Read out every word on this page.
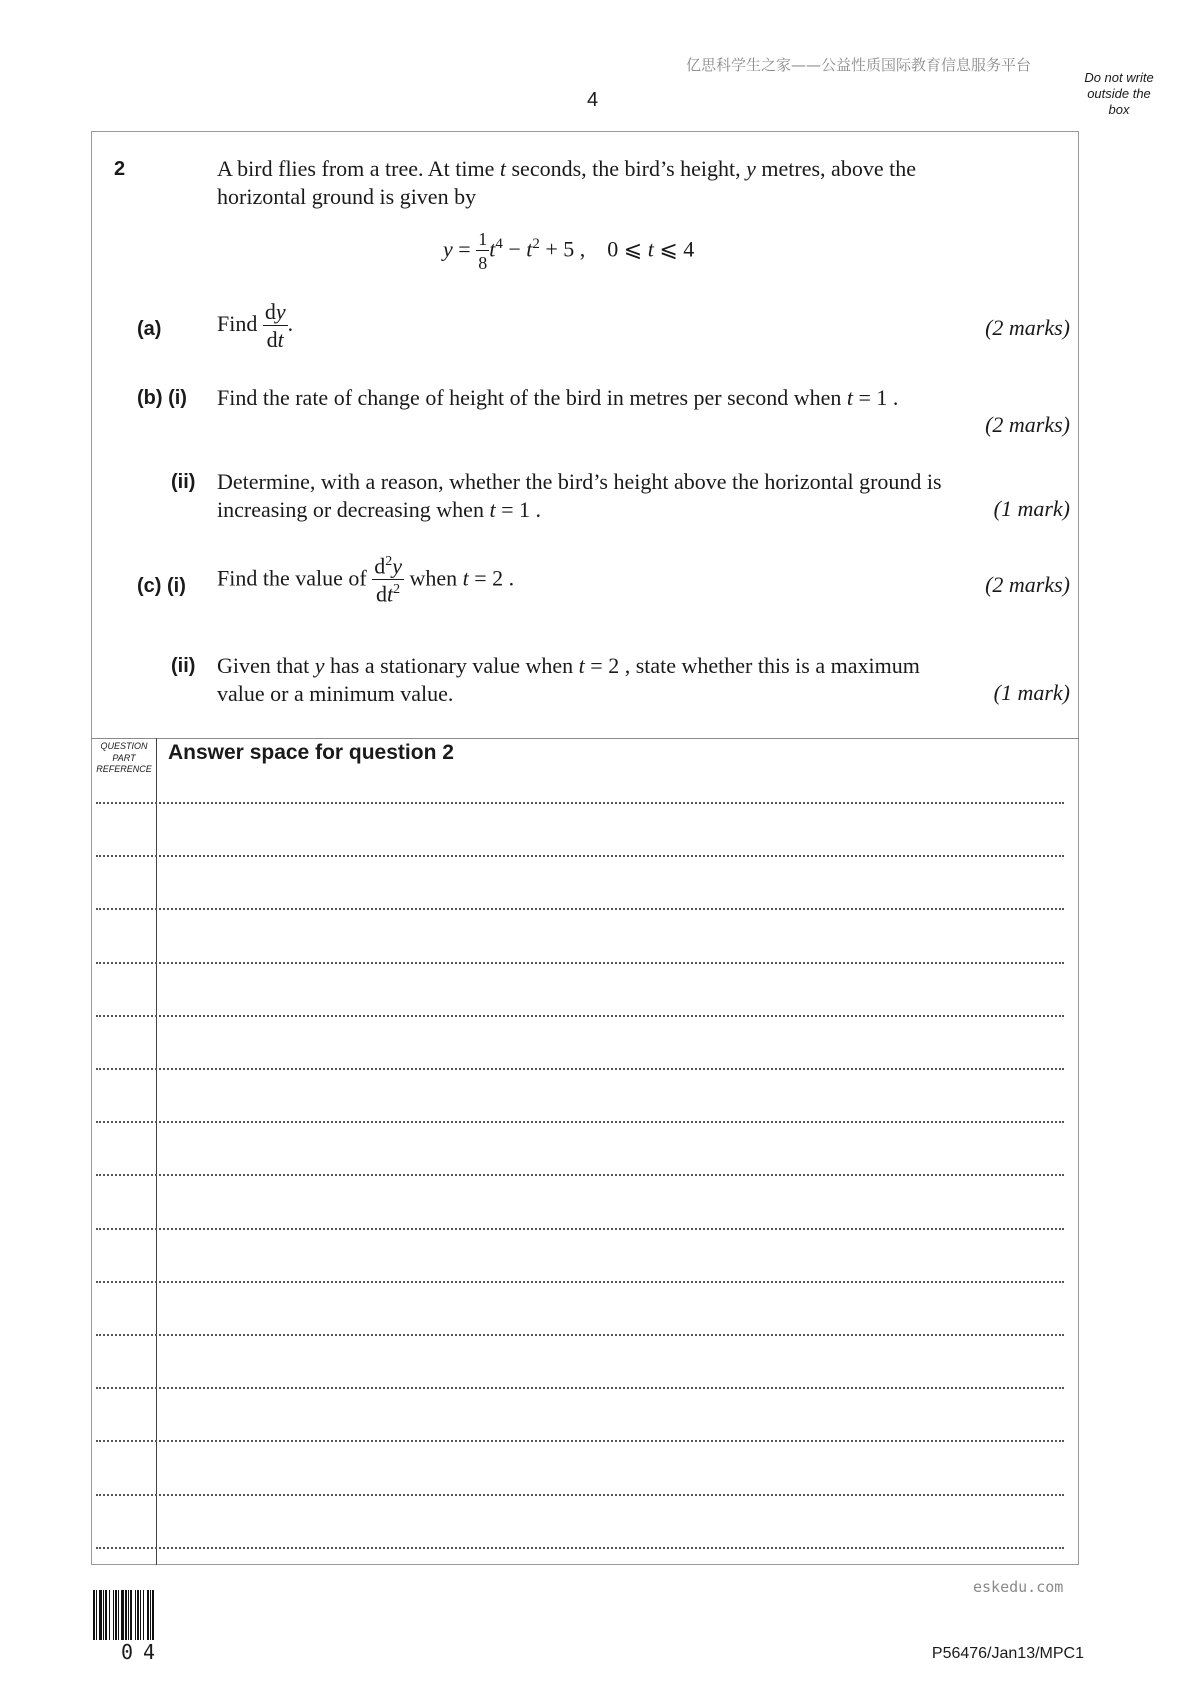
亿思科学生之家——公益性质国际教育信息服务平台
4
Do not write
outside the
box
2	A bird flies from a tree. At time t seconds, the bird’s height, y metres, above the
horizontal ground is given by
$y = \frac{1}{8} t^4 - t^2 + 5$ , 0 ⩽ t ⩽ 4
(a)	Find $\frac{dy}{dt}$ .	(2 marks)
(b) (i) Find the rate of change of height of the bird in metres per second when t = 1 .
(2 marks)
(ii) Determine, with a reason, whether the bird’s height above the horizontal ground is
increasing or decreasing when t = 1 .	(1 mark)
(c) (i) Find the value of $\frac{d^2y}{dt^2}$ when t = 2 .	(2 marks)
(ii) Given that y has a stationary value when t = 2 , state whether this is a maximum
value or a minimum value.	(1 mark)
QUESTION
PART
REFERENCE
Answer space for question 2
04
eskedu.com
P56476/Jan13/MPC1
